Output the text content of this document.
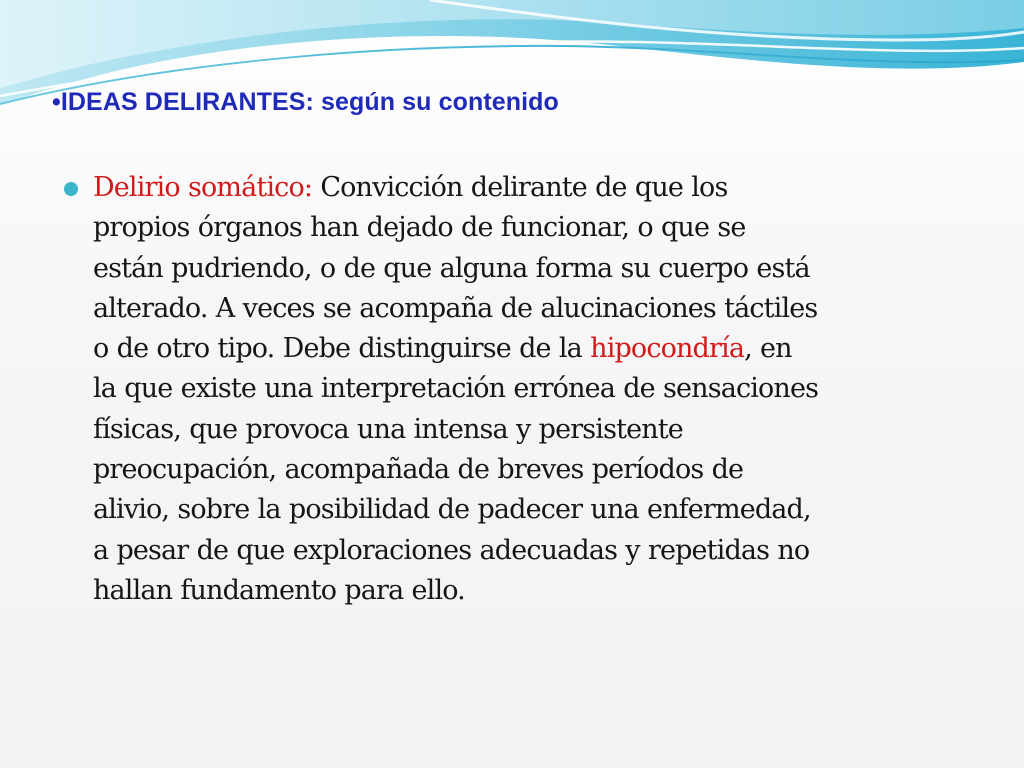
•IDEAS DELIRANTES: según su contenido

Delirio somático: Convicción delirante de que los
propios órganos han dejado de funcionar, o que se
están pudriendo, o de que alguna forma su cuerpo está
alterado. A veces se acompaña de alucinaciones táctiles
o de otro tipo. Debe distinguirse de la hipocondría, en
la que existe una interpretación errónea de sensaciones
físicas, que provoca una intensa y persistente
preocupación, acompañada de breves períodos de
alivio, sobre la posibilidad de padecer una enfermedad,
a pesar de que exploraciones adecuadas y repetidas no
hallan fundamento para ello.
